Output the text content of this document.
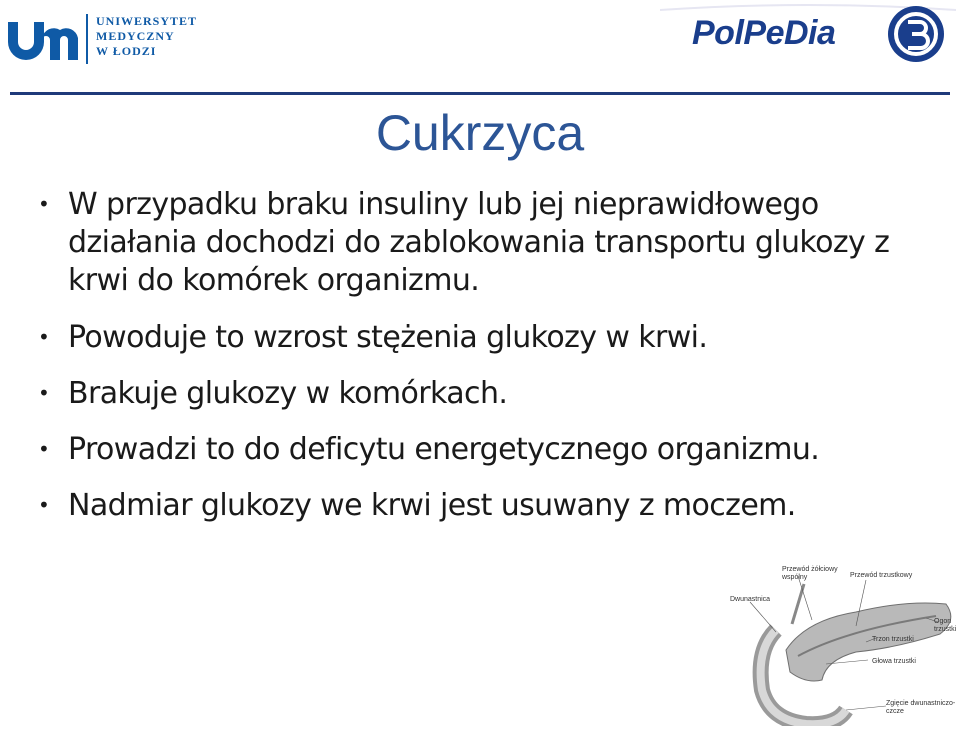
UNIWERSYTET
MEDYCZNY
W ŁODZI	PolPeDia
Cukrzyca
• W przypadku braku insuliny lub jej nieprawidłowego działania dochodzi do zablokowania transportu glukozy z krwi do komórek organizmu.
• Powoduje to wzrost stężenia glukozy w krwi.
• Brakuje glukozy w komórkach.
• Prowadzi to do deficytu energetycznego organizmu.
• Nadmiar glukozy we krwi jest usuwany z moczem.
Przewód żółciowy wspólny	Przewód trzustkowy
Dwunastnica
Ogon trzustki
Trzon trzustki
Głowa trzustki
Zgięcie dwunastniczo-czcze
